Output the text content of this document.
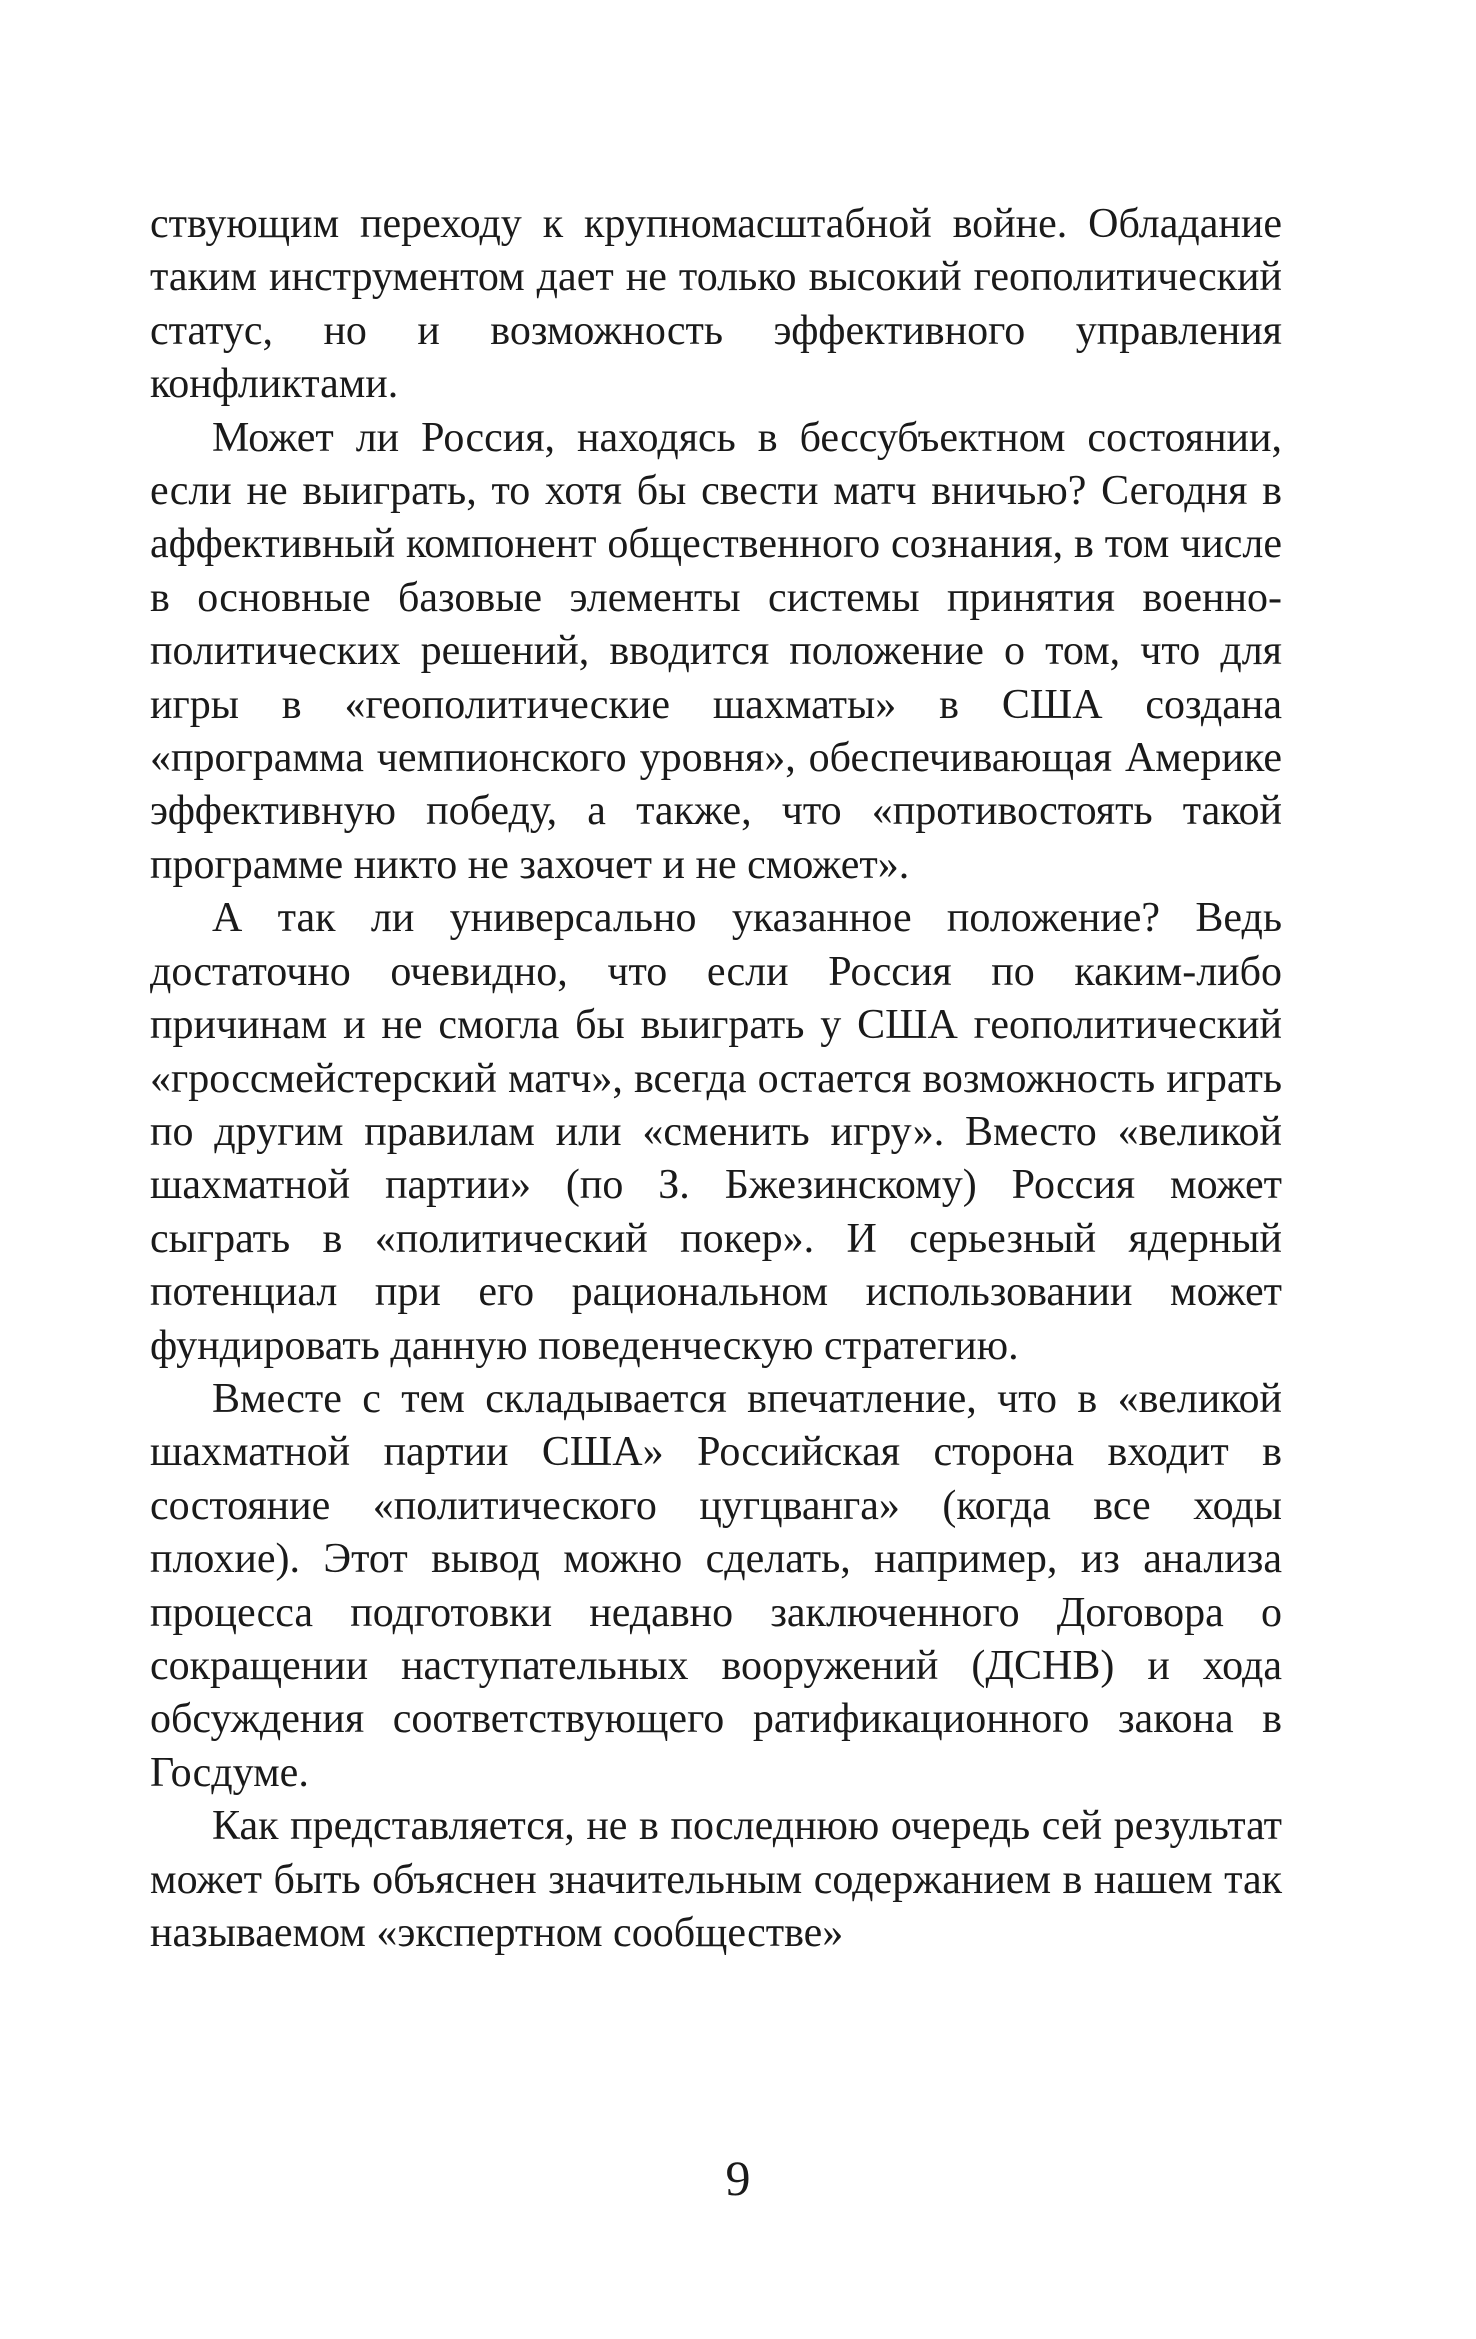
ствующим переходу к крупномасштабной войне. Обладание таким инструментом дает не только высокий геополитический статус, но и возможность эффективного управления конфликтами.

Может ли Россия, находясь в бессубъектном состоянии, если не выиграть, то хотя бы свести матч вничью? Сегодня в аффективный компонент общественного сознания, в том числе в основные базовые элементы системы принятия военно-политических решений, вводится положение о том, что для игры в «геополитические шахматы» в США создана «программа чемпионского уровня», обеспечивающая Америке эффективную победу, а также, что «противостоять такой программе никто не захочет и не сможет».

А так ли универсально указанное положение? Ведь достаточно очевидно, что если Россия по каким-либо причинам и не смогла бы выиграть у США геополитический «гроссмейстерский матч», всегда остается возможность играть по другим правилам или «сменить игру». Вместо «великой шахматной партии» (по З. Бжезинскому) Россия может сыграть в «политический покер». И серьезный ядерный потенциал при его рациональном использовании может фундировать данную поведенческую стратегию.

Вместе с тем складывается впечатление, что в «великой шахматной партии США» Российская сторона входит в состояние «политического цугцванга» (когда все ходы плохие). Этот вывод можно сделать, например, из анализа процесса подготовки недавно заключенного Договора о сокращении наступательных вооружений (ДСНВ) и хода обсуждения соответствующего ратификационного закона в Госдуме.

Как представляется, не в последнюю очередь сей результат может быть объяснен значительным содержанием в нашем так называемом «экспертном сообществе»

9
